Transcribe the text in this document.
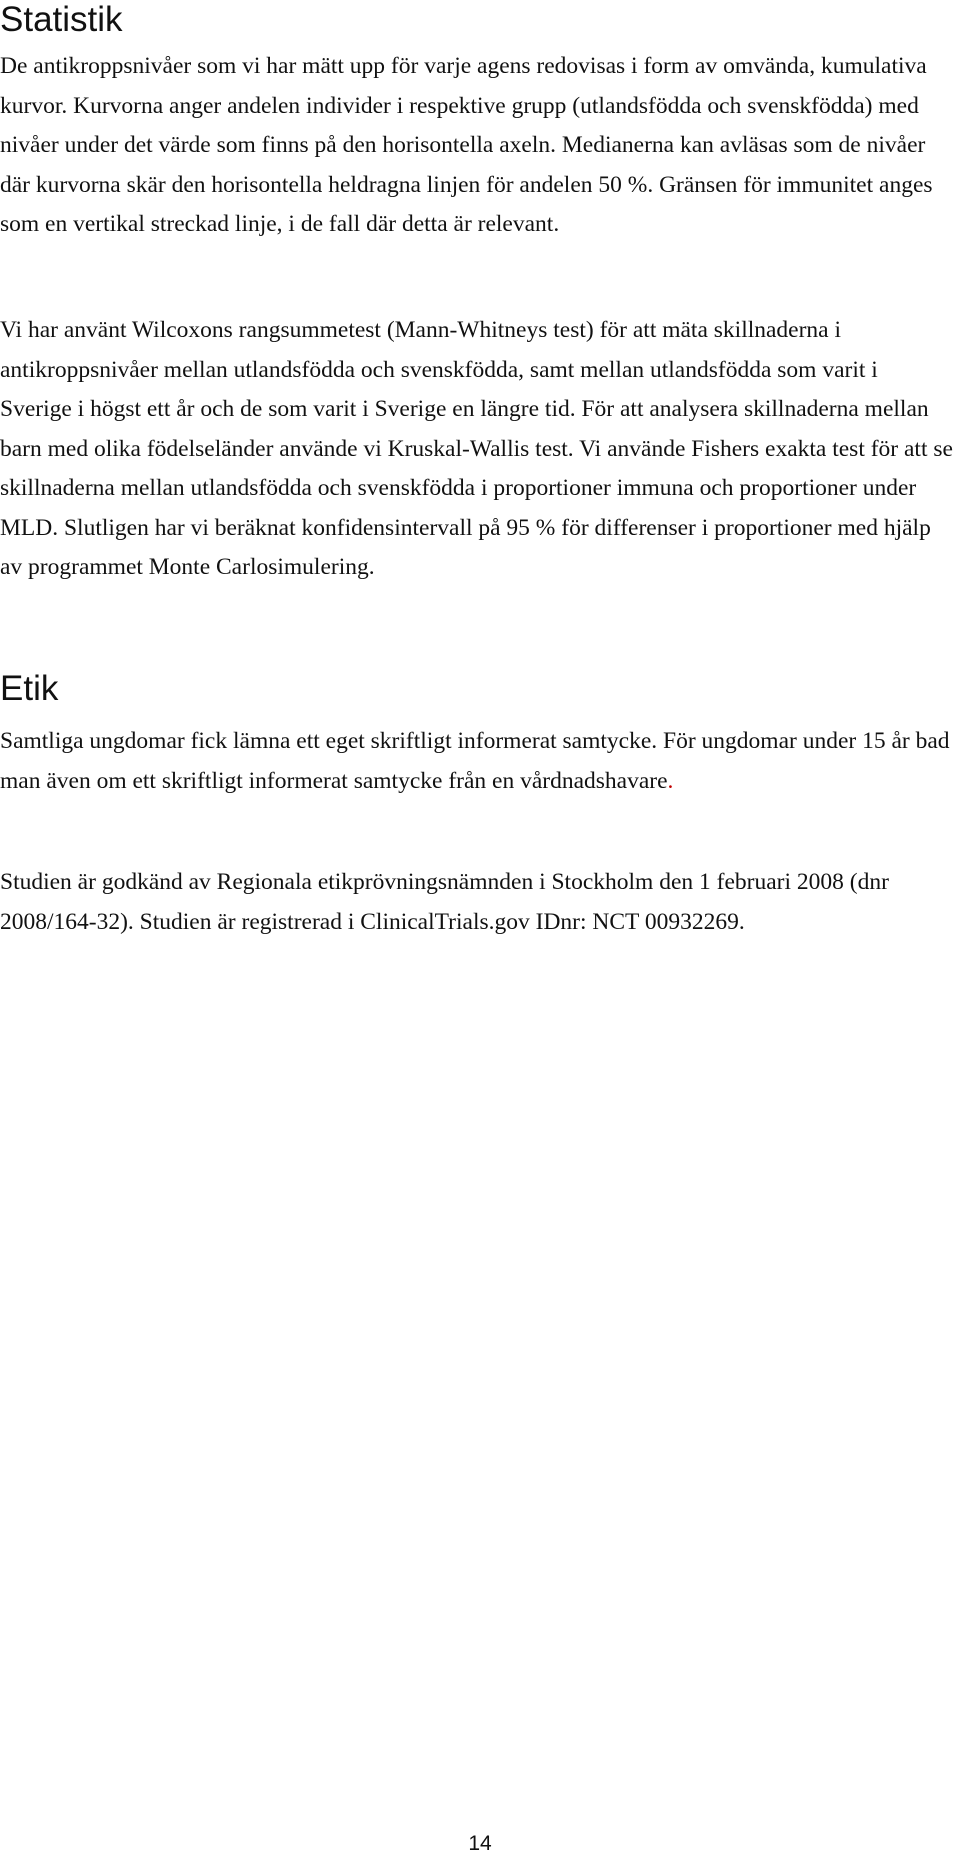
Statistik

De antikroppsnivåer som vi har mätt upp för varje agens redovisas i form av omvända, kumulativa kurvor. Kurvorna anger andelen individer i respektive grupp (utlandsfödda och svenskfödda) med nivåer under det värde som finns på den horisontella axeln. Medianerna kan avläsas som de nivåer där kurvorna skär den horisontella heldragna linjen för andelen 50 %. Gränsen för immunitet anges som en vertikal streckad linje, i de fall där detta är relevant.

Vi har använt Wilcoxons rangsummetest (Mann-Whitneys test) för att mäta skillnaderna i antikroppsnivåer mellan utlandsfödda och svenskfödda, samt mellan utlandsfödda som varit i Sverige i högst ett år och de som varit i Sverige en längre tid. För att analysera skillnaderna mellan barn med olika födelseländer använde vi Kruskal-Wallis test. Vi använde Fishers exakta test för att se skillnaderna mellan utlandsfödda och svenskfödda i proportioner immuna och proportioner under MLD. Slutligen har vi beräknat konfidensintervall på 95 % för differenser i proportioner med hjälp av programmet Monte Carlosimulering.

Etik

Samtliga ungdomar fick lämna ett eget skriftligt informerat samtycke. För ungdomar under 15 år bad man även om ett skriftligt informerat samtycke från en vårdnadshavare.

Studien är godkänd av Regionala etikprövningsnämnden i Stockholm den 1 februari 2008 (dnr 2008/164-32). Studien är registrerad i ClinicalTrials.gov IDnr: NCT 00932269.

14
